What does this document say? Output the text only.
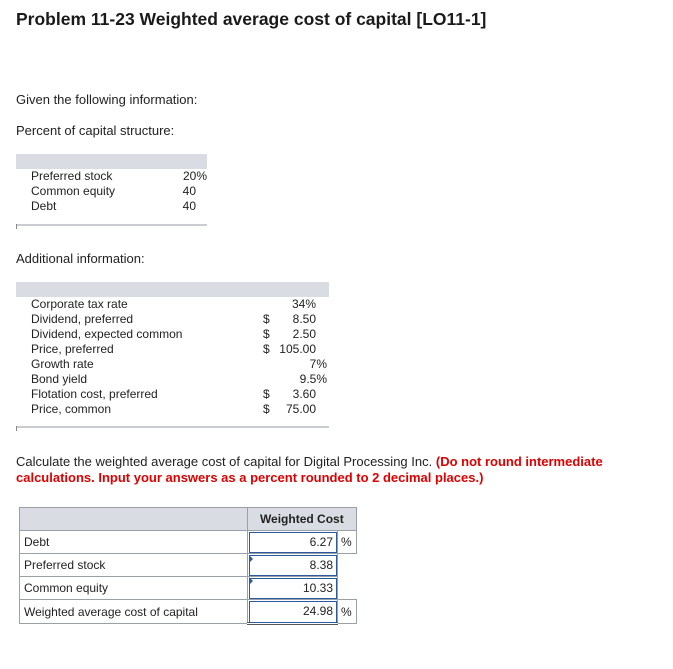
Problem 11-23 Weighted average cost of capital [LO11-1]
Given the following information:
Percent of capital structure:
Preferred stock	20%
Common equity	40
Debt	40
Additional information:
Corporate tax rate	34%
Dividend, preferred	$	8.50
Dividend, expected common	$	2.50
Price, preferred	$ 105.00
Growth rate	7%
Bond yield	9.5%
Flotation cost, preferred	$	3.60
Price, common	$	75.00
Calculate the weighted average cost of capital for Digital Processing Inc. (Do not round intermediate calculations. Input your answers as a percent rounded to 2 decimal places.)
	Weighted Cost	
Debt	6.27	%
Preferred stock	8.38	
Common equity	10.33	
Weighted average cost of capital	24.98	%
